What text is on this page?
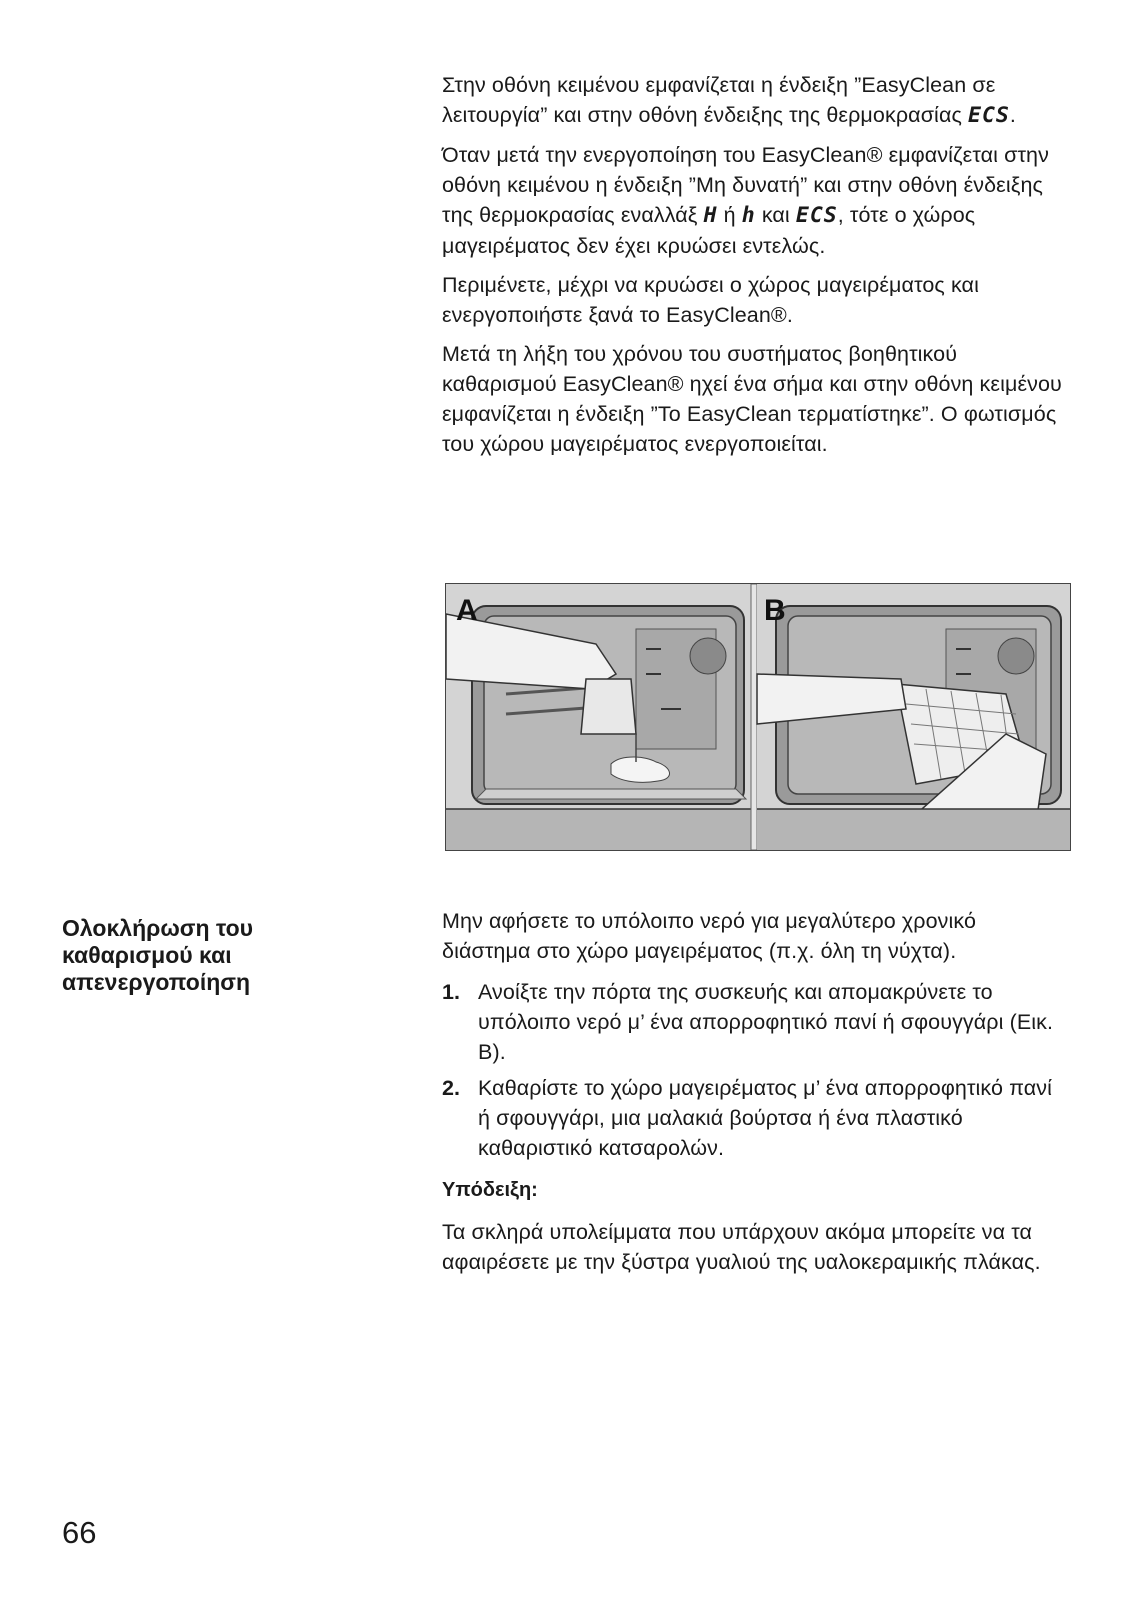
Στην οθόνη κειμένου εμφανίζεται η ένδειξη ”EasyClean σε λειτουργία” και στην οθόνη ένδειξης της θερμοκρασίας ECS.

Όταν μετά την ενεργοποίηση του EasyClean® εμφανίζεται στην οθόνη κειμένου η ένδειξη ”Μη δυνατή” και στην οθόνη ένδειξης της θερμοκρασίας εναλλάξ H ή h και ECS, τότε ο χώρος μαγειρέματος δεν έχει κρυώσει εντελώς.

Περιμένετε, μέχρι να κρυώσει ο χώρος μαγειρέματος και ενεργοποιήστε ξανά το EasyClean®.

Μετά τη λήξη του χρόνου του συστήματος βοηθητικού καθαρισμού EasyClean® ηχεί ένα σήμα και στην οθόνη κειμένου εμφανίζεται η ένδειξη ”Το EasyClean τερματίστηκε”. Ο φωτισμός του χώρου μαγειρέματος ενεργοποιείται.

A	B
Ολοκλήρωση του καθαρισμού και απενεργοποίηση

Μην αφήσετε το υπόλοιπο νερό για μεγαλύτερο χρονικό διάστημα στο χώρο μαγειρέματος (π.χ. όλη τη νύχτα).

1. Ανοίξτε την πόρτα της συσκευής και απομακρύνετε το υπόλοιπο νερό μ’ ένα απορροφητικό πανί ή σφουγγάρι (Εικ. B).
2. Καθαρίστε το χώρο μαγειρέματος μ’ ένα απορροφητικό πανί ή σφουγγάρι, μια μαλακιά βούρτσα ή ένα πλαστικό καθαριστικό κατσαρολών.

Υπόδειξη:

Τα σκληρά υπολείμματα που υπάρχουν ακόμα μπορείτε να τα αφαιρέσετε με την ξύστρα γυαλιού της υαλοκεραμικής πλάκας.

66
